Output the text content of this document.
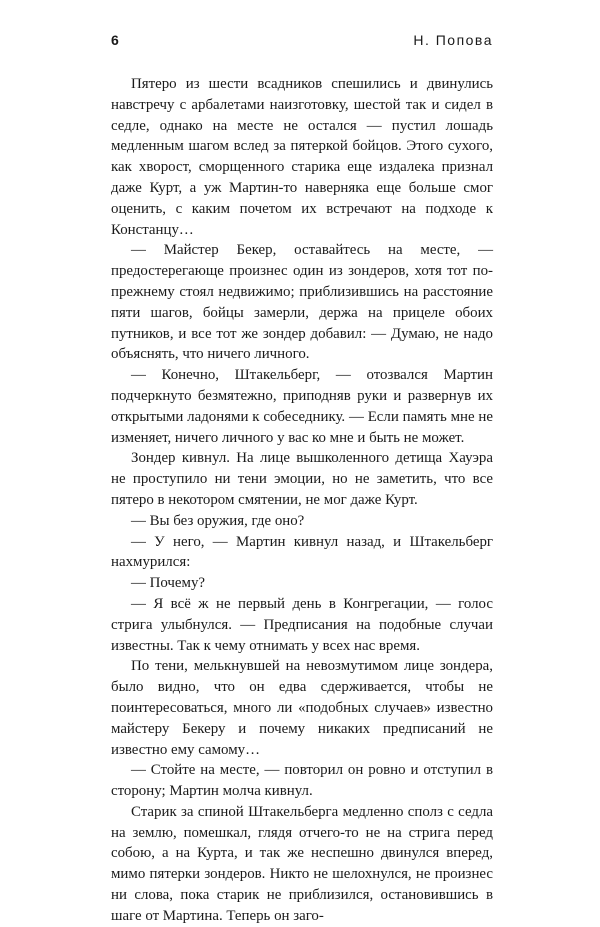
6	Н. Попова

Пятеро из шести всадников спешились и двинулись навстречу с арбалетами наизготовку, шестой так и сидел в седле, однако на месте не остался — пустил лошадь медленным шагом вслед за пятеркой бойцов. Этого сухого, как хворост, сморщенного старика еще издалека признал даже Курт, а уж Мартин-то наверняка еще больше смог оценить, с каким почетом их встречают на подходе к Констанцу…

— Майстер Бекер, оставайтесь на месте, — предостерегающе произнес один из зондеров, хотя тот по-прежнему стоял недвижимо; приблизившись на расстояние пяти шагов, бойцы замерли, держа на прицеле обоих путников, и все тот же зондер добавил: — Думаю, не надо объяснять, что ничего личного.

— Конечно, Штакельберг, — отозвался Мартин подчеркнуто безмятежно, приподняв руки и развернув их открытыми ладонями к собеседнику. — Если память мне не изменяет, ничего личного у вас ко мне и быть не может.

Зондер кивнул. На лице вышколенного детища Хауэра не проступило ни тени эмоции, но не заметить, что все пятеро в некотором смятении, не мог даже Курт.

— Вы без оружия, где оно?

— У него, — Мартин кивнул назад, и Штакельберг нахмурился:

— Почему?

— Я всё ж не первый день в Конгрегации, — голос стрига улыбнулся. — Предписания на подобные случаи известны. Так к чему отнимать у всех нас время.

По тени, мелькнувшей на невозмутимом лице зондера, было видно, что он едва сдерживается, чтобы не поинтересоваться, много ли «подобных случаев» известно майстеру Бекеру и почему никаких предписаний не известно ему самому…

— Стойте на месте, — повторил он ровно и отступил в сторону; Мартин молча кивнул.

Старик за спиной Штакельберга медленно сполз с седла на землю, помешкал, глядя отчего-то не на стрига перед собою, а на Курта, и так же неспешно двинулся вперед, мимо пятерки зондеров. Никто не шелохнулся, не произнес ни слова, пока старик не приблизился, остановившись в шаге от Мартина. Теперь он заго-
